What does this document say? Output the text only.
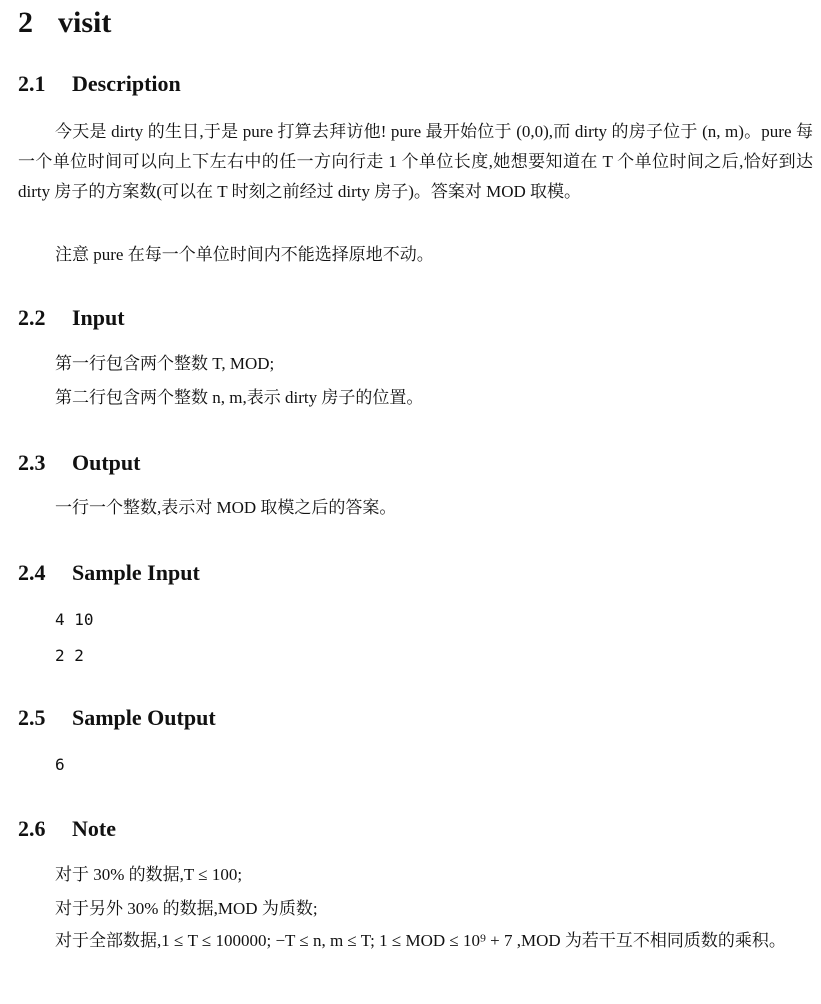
2 visit
2.1 Description

今天是 dirty 的生日,于是 pure 打算去拜访他! pure 最开始位于 (0,0),而 dirty 的房子位于 (n, m)。pure 每一个单位时间可以向上下左右中的任一方向行走 1 个单位长度,她想要知道在 T 个单位时间之后,恰好到达 dirty 房子的方案数(可以在 T 时刻之前经过 dirty 房子)。答案对 MOD 取模。

注意 pure 在每一个单位时间内不能选择原地不动。

2.2 Input

第一行包含两个整数 T, MOD;

第二行包含两个整数 n, m,表示 dirty 房子的位置。

2.3 Output

一行一个整数,表示对 MOD 取模之后的答案。

2.4 Sample Input

4 10

2 2

2.5 Sample Output

6

2.6 Note

对于 30% 的数据,T ≤ 100;

对于另外 30% 的数据,MOD 为质数;

对于全部数据,1 ≤ T ≤ 100000; −T ≤ n, m ≤ T; 1 ≤ MOD ≤ 10⁹ + 7 ,MOD 为若干互不相同质数的乘积。
